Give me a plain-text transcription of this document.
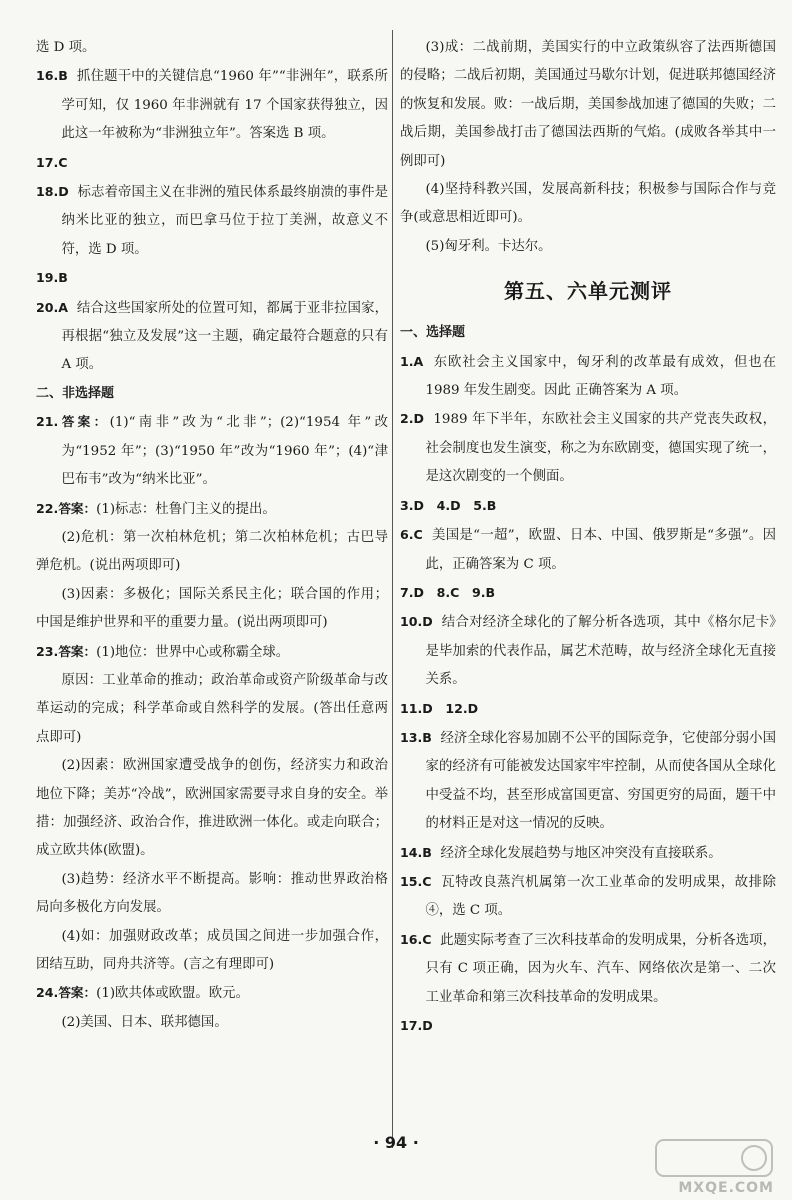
选 D 项。

16.B 抓住题干中的关键信息“1960 年”“非洲年”，联系所学可知，仅 1960 年非洲就有 17 个国家获得独立，因此这一年被称为“非洲独立年”。答案选 B 项。

17.C

18.D 标志着帝国主义在非洲的殖民体系最终崩溃的事件是纳米比亚的独立，而巴拿马位于拉丁美洲，故意义不符，选 D 项。

19.B

20.A 结合这些国家所处的位置可知，都属于亚非拉国家，再根据“独立及发展”这一主题，确定最符合题意的只有 A 项。

二、非选择题

21.答案：(1)“南非”改为“北非”；(2)“1954 年”改为“1952 年”；(3)“1950 年”改为“1960 年”；(4)“津巴布韦”改为“纳米比亚”。

22.答案：(1)标志：杜鲁门主义的提出。

(2)危机：第一次柏林危机；第二次柏林危机；古巴导弹危机。(说出两项即可)

(3)因素：多极化；国际关系民主化；联合国的作用；中国是维护世界和平的重要力量。(说出两项即可)

23.答案：(1)地位：世界中心或称霸全球。

原因：工业革命的推动；政治革命或资产阶级革命与改革运动的完成；科学革命或自然科学的发展。(答出任意两点即可)

(2)因素：欧洲国家遭受战争的创伤，经济实力和政治地位下降；美苏“冷战”，欧洲国家需要寻求自身的安全。举措：加强经济、政治合作，推进欧洲一体化。或走向联合；成立欧共体(欧盟)。

(3)趋势：经济水平不断提高。影响：推动世界政治格局向多极化方向发展。

(4)如：加强财政改革；成员国之间进一步加强合作，团结互助，同舟共济等。(言之有理即可)

24.答案：(1)欧共体或欧盟。欧元。

(2)美国、日本、联邦德国。

(3)成：二战前期，美国实行的中立政策纵容了法西斯德国的侵略；二战后初期，美国通过马歇尔计划，促进联邦德国经济的恢复和发展。败：一战后期，美国参战加速了德国的失败；二战后期，美国参战打击了德国法西斯的气焰。(成败各举其中一例即可)

(4)坚持科教兴国，发展高新科技；积极参与国际合作与竞争(或意思相近即可)。

(5)匈牙利。卡达尔。

第五、六单元测评

一、选择题

1.A 东欧社会主义国家中，匈牙利的改革最有成效，但也在 1989 年发生剧变。因此 正确答案为 A 项。

2.D 1989 年下半年，东欧社会主义国家的共产党丧失政权，社会制度也发生演变，称之为东欧剧变，德国实现了统一，是这次剧变的一个侧面。

3.D　4.D　5.B

6.C 美国是“一超”，欧盟、日本、中国、俄罗斯是“多强”。因此，正确答案为 C 项。

7.D　8.C　9.B

10.D 结合对经济全球化的了解分析各选项，其中《格尔尼卡》是毕加索的代表作品，属艺术范畴，故与经济全球化无直接关系。

11.D　12.D

13.B 经济全球化容易加剧不公平的国际竞争，它使部分弱小国家的经济有可能被发达国家牢牢控制，从而使各国从全球化中受益不均，甚至形成富国更富、穷国更穷的局面，题干中的材料正是对这一情况的反映。

14.B 经济全球化发展趋势与地区冲突没有直接联系。

15.C 瓦特改良蒸汽机属第一次工业革命的发明成果，故排除④，选 C 项。

16.C 此题实际考查了三次科技革命的发明成果，分析各选项，只有 C 项正确，因为火车、汽车、网络依次是第一、二次工业革命和第三次科技革命的发明成果。

17.D

· 94 ·
MXQE.COM
